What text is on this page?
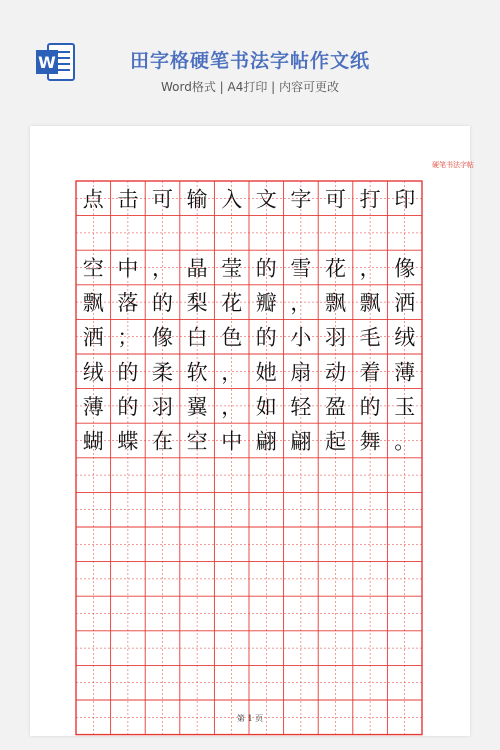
W	田字格硬笔书法字帖作文纸
Word格式 | A4打印 | 内容可更改
硬笔书法字帖
点 击 可 输 入 文 字 可 打 印
空 中 ， 晶 莹 的 雪 花 ， 像
飘 落 的 梨 花 瓣 ， 飘 飘 洒
洒 ； 像 白 色 的 小 羽 毛 绒
绒 的 柔 软 ， 她 扇 动 着 薄
薄 的 羽 翼 ， 如 轻 盈 的 玉
蝴 蝶 在 空 中 翩 翩 起 舞 。
第 1 页
